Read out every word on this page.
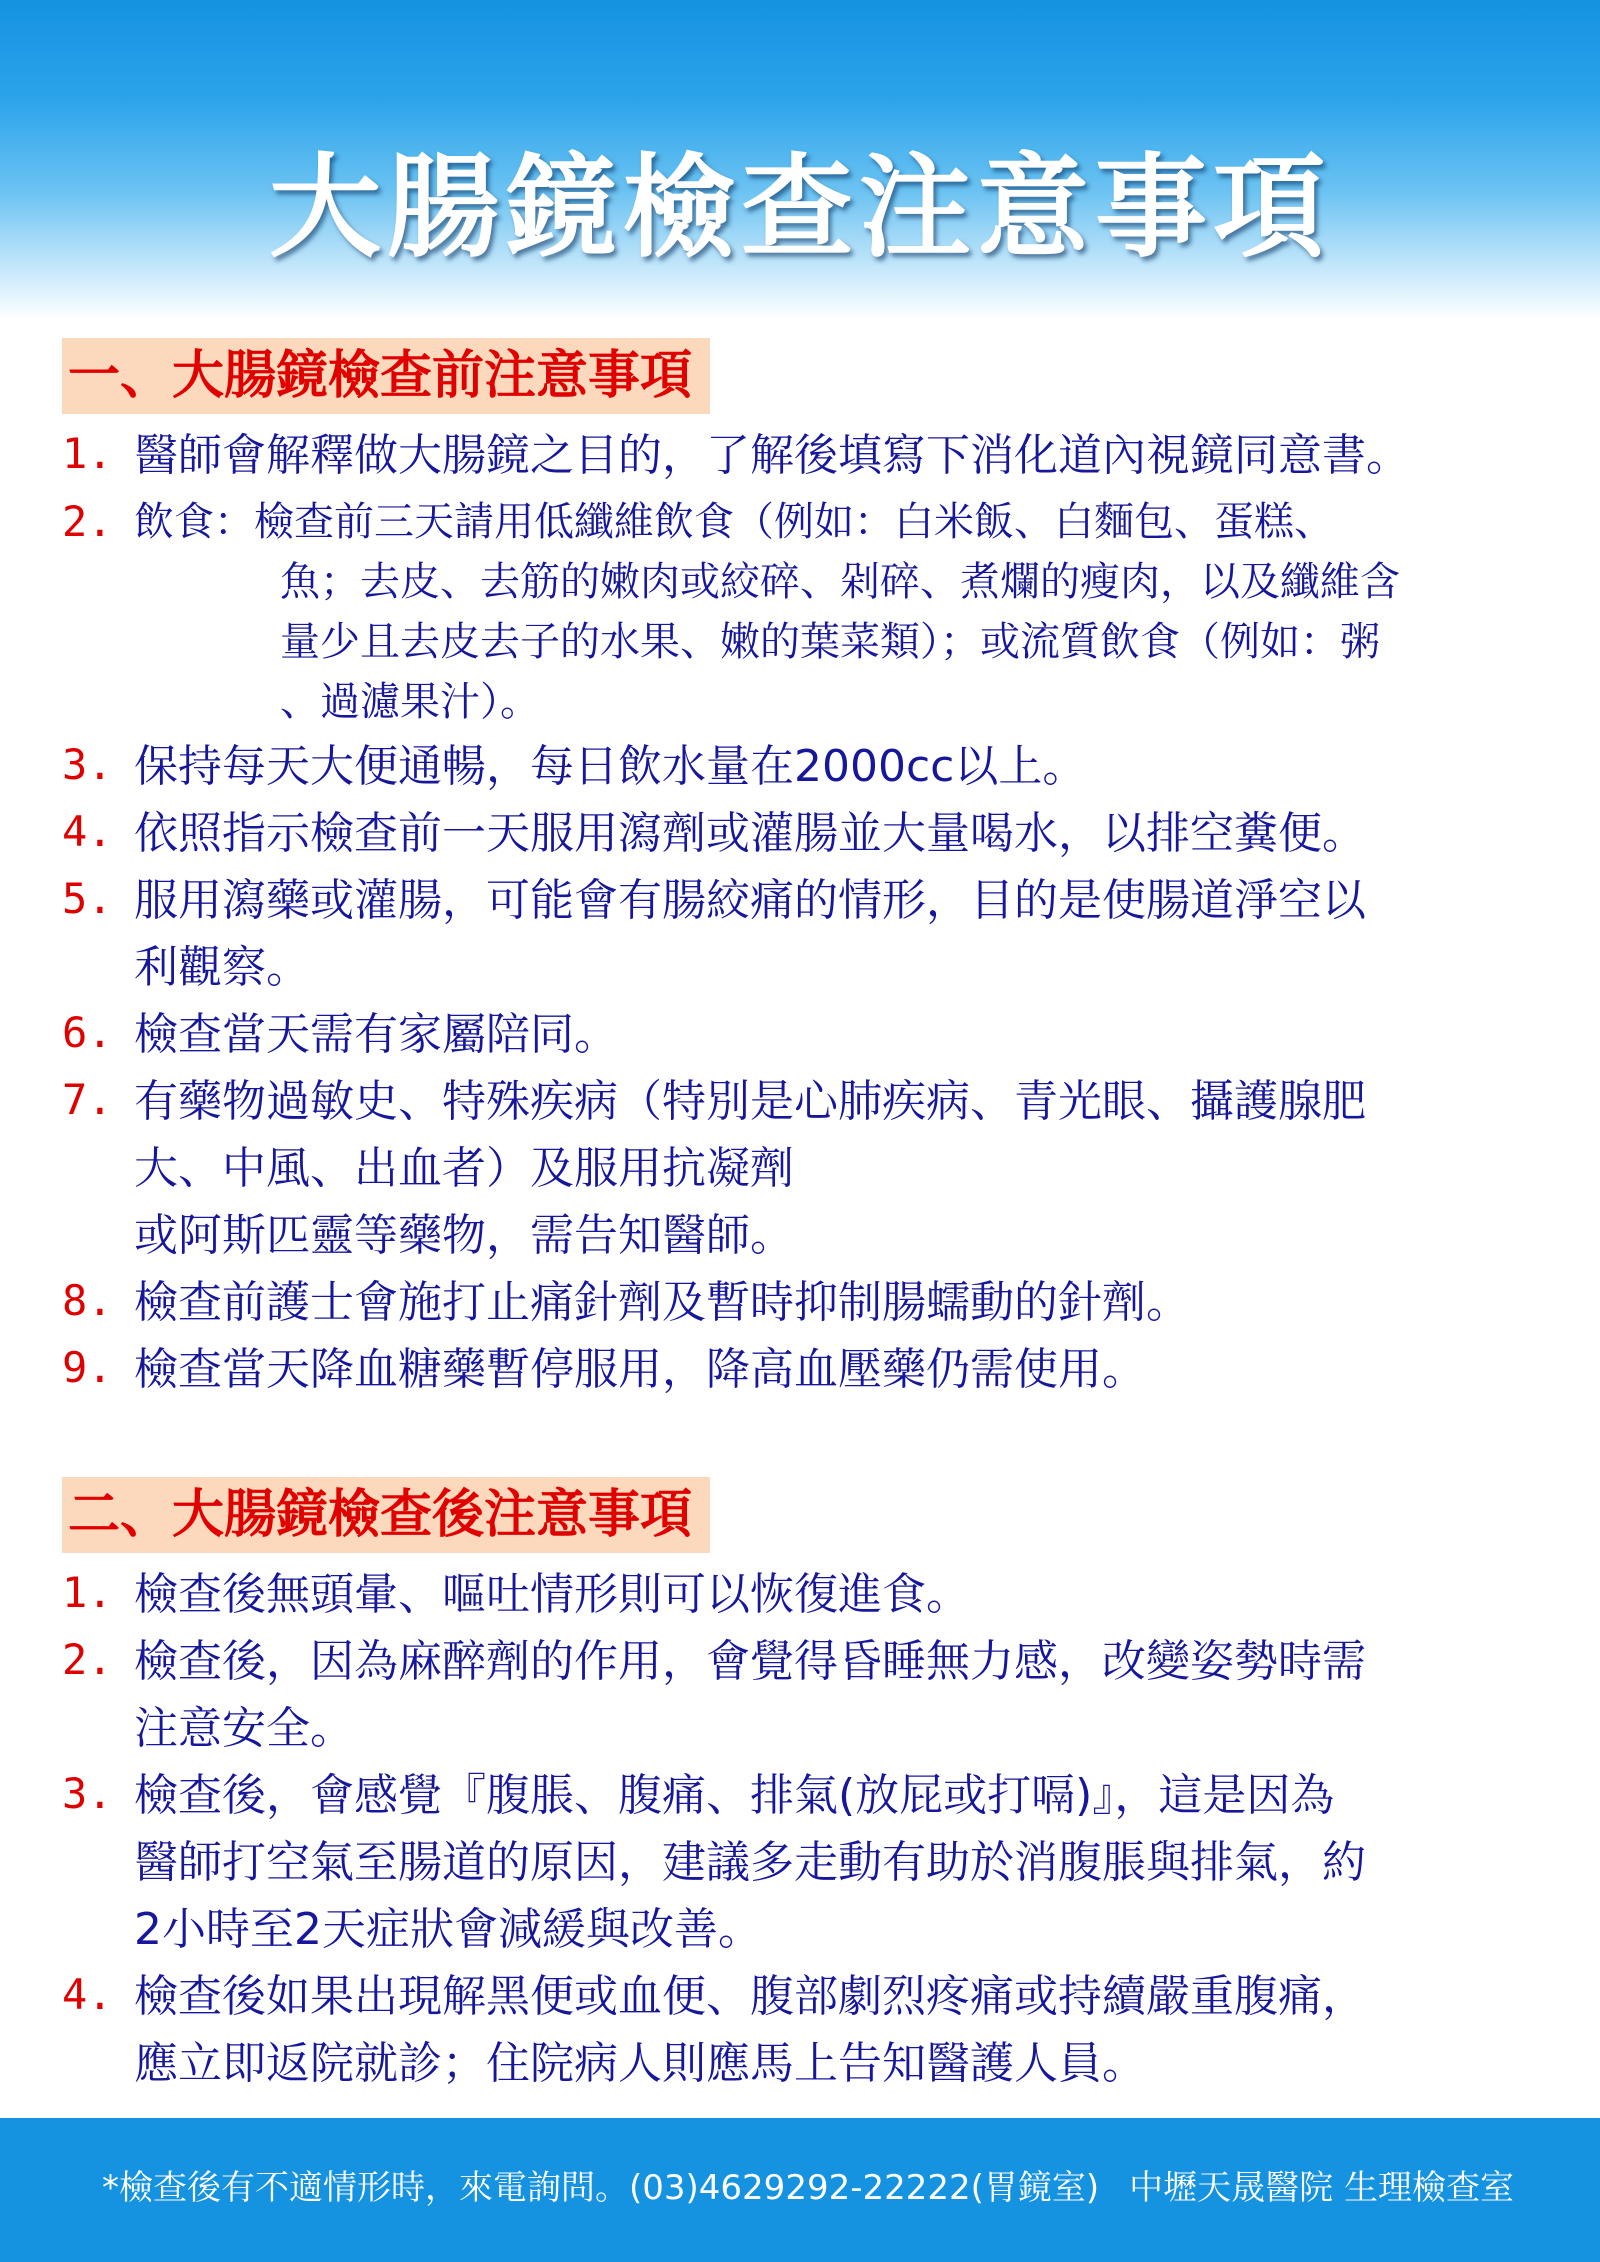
大腸鏡檢查注意事項
一、大腸鏡檢查前注意事項
1. 醫師會解釋做大腸鏡之目的，了解後填寫下消化道內視鏡同意書。
2. 飲食：檢查前三天請用低纖維飲食（例如：白米飯、白麵包、蛋糕、
魚；去皮、去筋的嫩肉或絞碎、剁碎、煮爛的瘦肉，以及纖維含
量少且去皮去子的水果、嫩的葉菜類）；或流質飲食（例如：粥
、過濾果汁）。
3. 保持每天大便通暢，每日飲水量在2000cc以上。
4. 依照指示檢查前一天服用瀉劑或灌腸並大量喝水，以排空糞便。
5. 服用瀉藥或灌腸，可能會有腸絞痛的情形，目的是使腸道淨空以
利觀察。
6. 檢查當天需有家屬陪同。
7. 有藥物過敏史、特殊疾病（特別是心肺疾病、青光眼、攝護腺肥
大、中風、出血者）及服用抗凝劑
或阿斯匹靈等藥物，需告知醫師。
8. 檢查前護士會施打止痛針劑及暫時抑制腸蠕動的針劑。
9. 檢查當天降血糖藥暫停服用，降高血壓藥仍需使用。
二、大腸鏡檢查後注意事項
1. 檢查後無頭暈、嘔吐情形則可以恢復進食。
2. 檢查後，因為麻醉劑的作用，會覺得昏睡無力感，改變姿勢時需
注意安全。
3. 檢查後，會感覺『腹脹、腹痛、排氣(放屁或打嗝)』，這是因為
醫師打空氣至腸道的原因，建議多走動有助於消腹脹與排氣，約
2小時至2天症狀會減緩與改善。
4. 檢查後如果出現解黑便或血便、腹部劇烈疼痛或持續嚴重腹痛，
應立即返院就診；住院病人則應馬上告知醫護人員。
*檢查後有不適情形時，來電詢問。(03)4629292-22222(胃鏡室) 中壢天晟醫院 生理檢查室
